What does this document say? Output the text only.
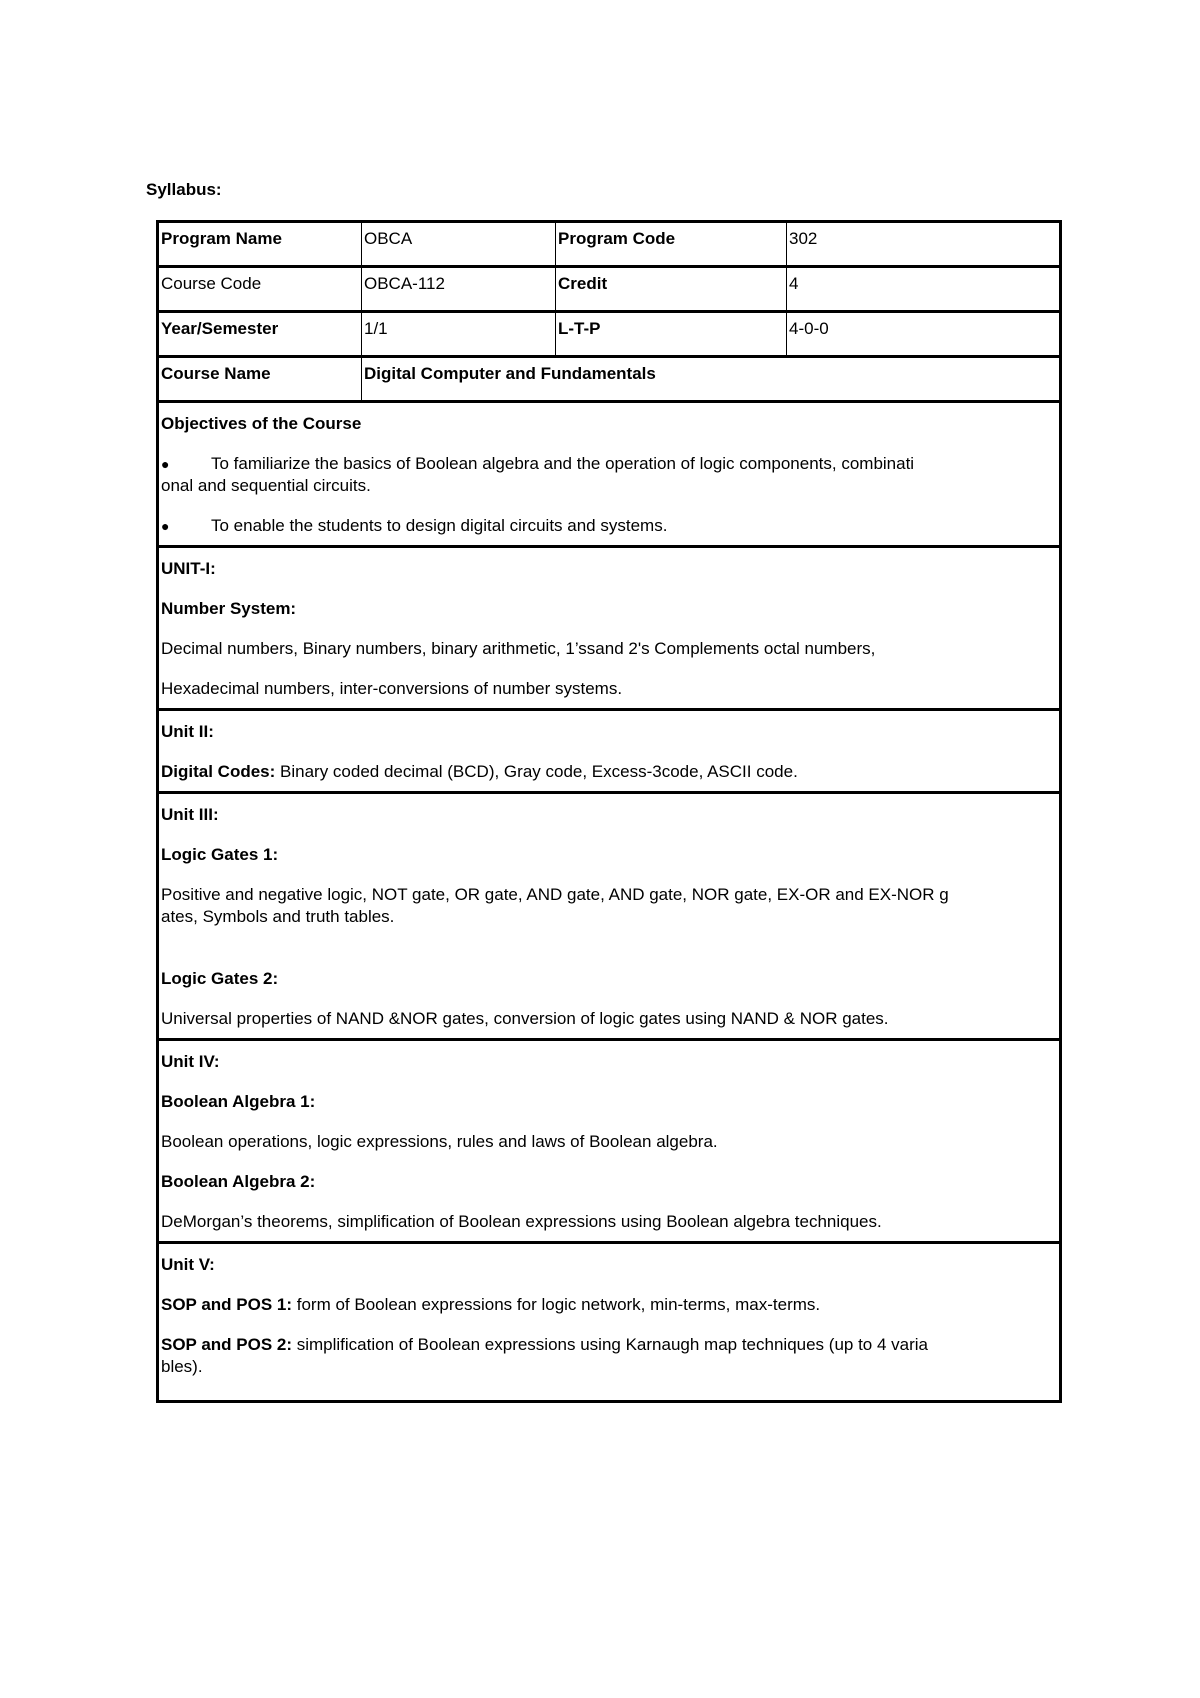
Syllabus:
Program Name	OBCA	Program Code	302
Course Code	OBCA-112	Credit	4
Year/Semester	1/1	L-T-P	4-0-0
Course Name	Digital Computer and Fundamentals

Objectives of the Course

●	To familiarize the basics of Boolean algebra and the operation of logic components, combinati

onal and sequential circuits.

●	To enable the students to design digital circuits and systems.

UNIT-I:

Number System:

Decimal numbers, Binary numbers, binary arithmetic, 1’ssand 2's Complements octal numbers,

Hexadecimal numbers, inter-conversions of number systems.

Unit II:

Digital Codes: Binary coded decimal (BCD), Gray code, Excess-3code, ASCII code.

Unit III:

Logic Gates 1:

Positive and negative logic, NOT gate, OR gate, AND gate, AND gate, NOR gate, EX-OR and EX-NOR g

ates, Symbols and truth tables.

Logic Gates 2:

Universal properties of NAND &NOR gates, conversion of logic gates using NAND & NOR gates.

Unit IV:

Boolean Algebra 1:

Boolean operations, logic expressions, rules and laws of Boolean algebra.

Boolean Algebra 2:

DeMorgan’s theorems, simplification of Boolean expressions using Boolean algebra techniques.

Unit V:

SOP and POS 1: form of Boolean expressions for logic network, min-terms, max-terms.

SOP and POS 2: simplification of Boolean expressions using Karnaugh map techniques (up to 4 varia

bles).
